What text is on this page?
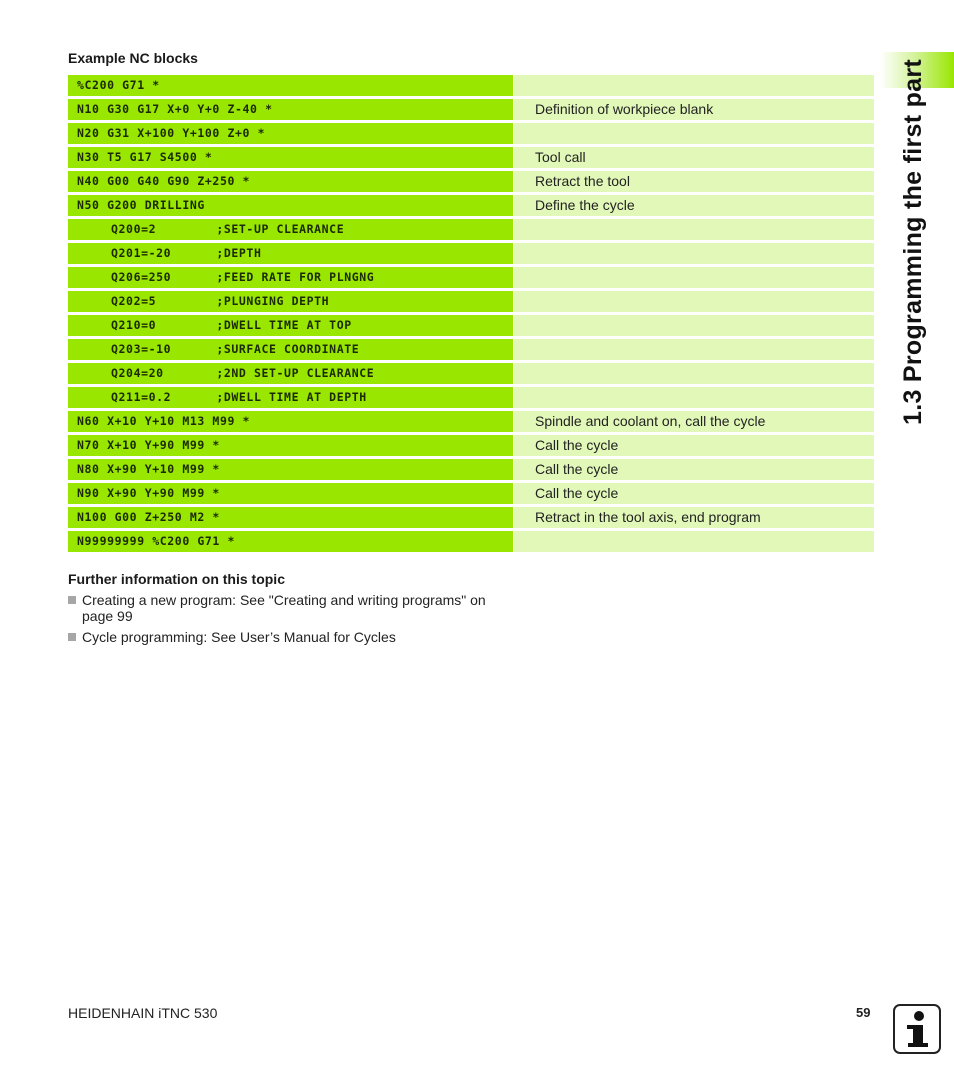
Example NC blocks
%C200 G71 *
N10 G30 G17 X+0 Y+0 Z-40 *	Definition of workpiece blank
N20 G31 X+100 Y+100 Z+0 *
N30 T5 G17 S4500 *	Tool call
N40 G00 G40 G90 Z+250 *	Retract the tool
N50 G200 DRILLING	Define the cycle
Q200=2        ;SET-UP CLEARANCE
Q201=-20      ;DEPTH
Q206=250      ;FEED RATE FOR PLNGNG
Q202=5        ;PLUNGING DEPTH
Q210=0        ;DWELL TIME AT TOP
Q203=-10      ;SURFACE COORDINATE
Q204=20       ;2ND SET-UP CLEARANCE
Q211=0.2      ;DWELL TIME AT DEPTH
N60 X+10 Y+10 M13 M99 *	Spindle and coolant on, call the cycle
N70 X+10 Y+90 M99 *	Call the cycle
N80 X+90 Y+10 M99 *	Call the cycle
N90 X+90 Y+90 M99 *	Call the cycle
N100 G00 Z+250 M2 *	Retract in the tool axis, end program
N99999999 %C200 G71 *
Further information on this topic
Creating a new program: See "Creating and writing programs" on page 99
Cycle programming: See User’s Manual for Cycles
1.3 Programming the first part
HEIDENHAIN iTNC 530	59
